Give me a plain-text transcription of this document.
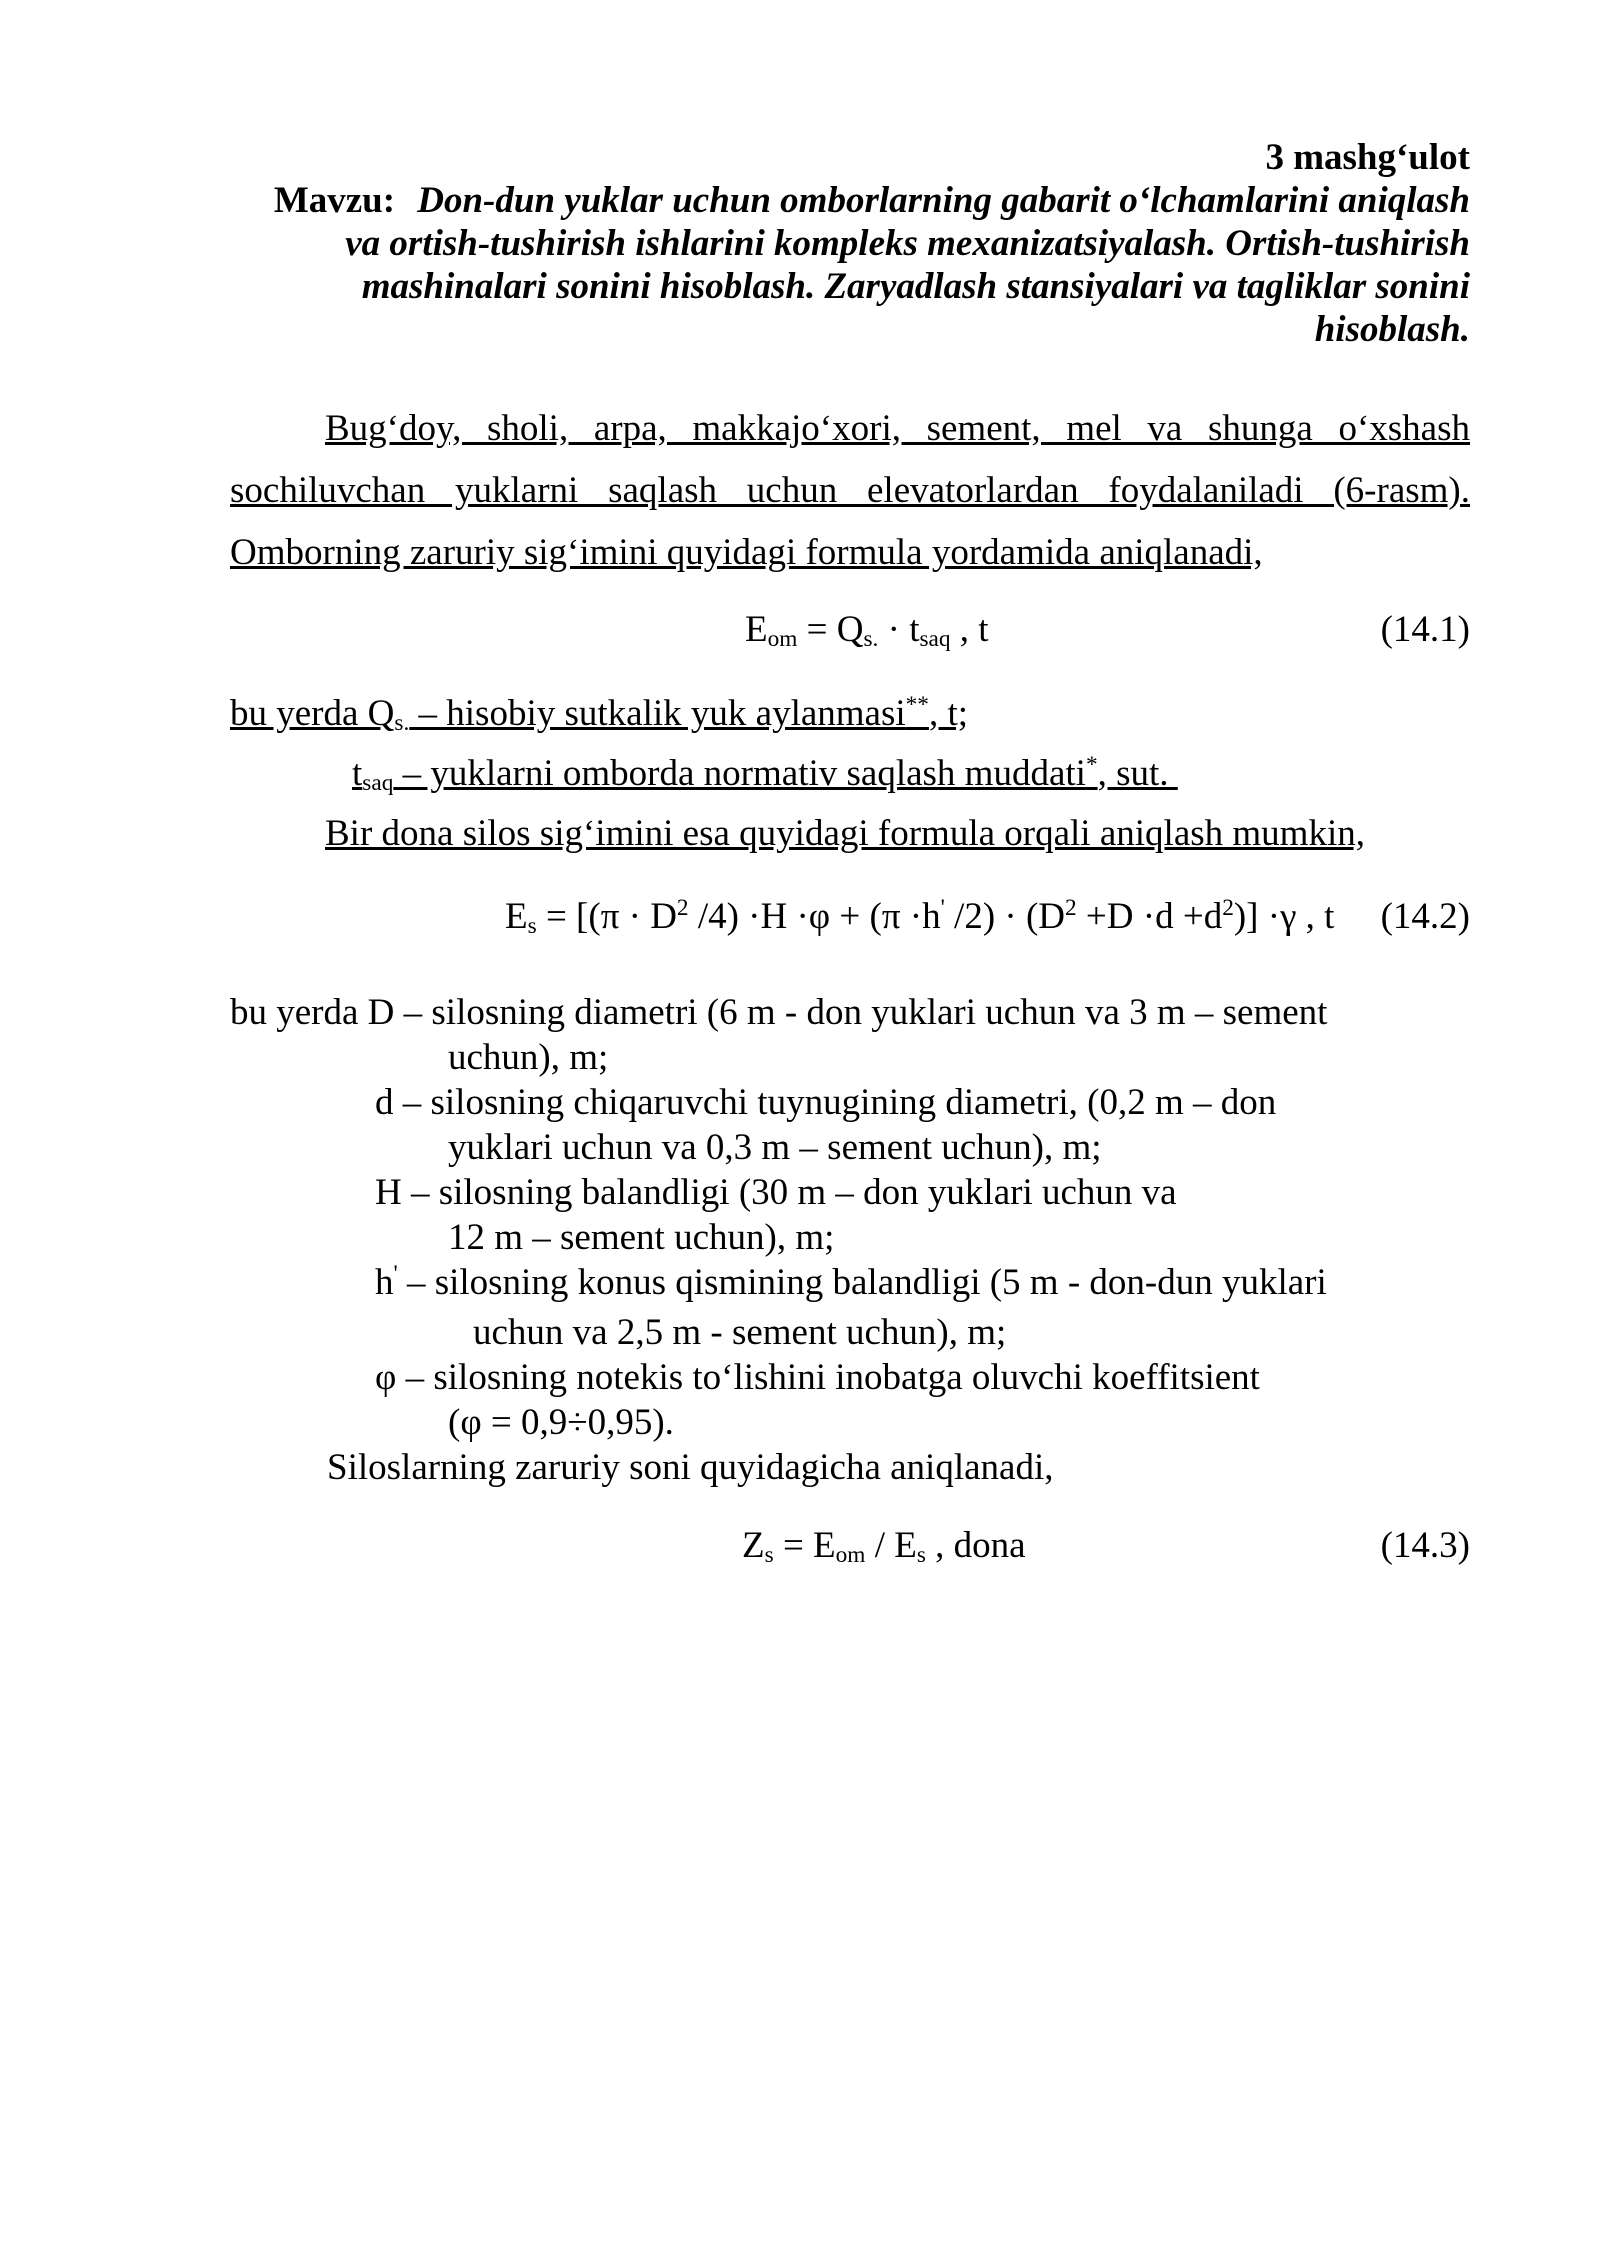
3 mashg‘ulot
Mavzu: Don-dun yuklar uchun omborlarning gabarit o‘lchamlarini aniqlash
va ortish-tushirish ishlarini kompleks mexanizatsiyalash. Ortish-tushirish
mashinalari sonini hisoblash. Zaryadlash stansiyalari va tagliklar sonini
hisoblash.
Bug‘doy, sholi, arpa, makkajo‘xori, sement, mel va shunga o‘xshash
sochiluvchan yuklarni saqlash uchun elevatorlardan foydalaniladi (6-rasm).
Omborning zaruriy sig‘imini quyidagi formula yordamida aniqlanadi,
Eom = Qs. · tsaq , t	(14.1)
bu yerda Qs. – hisobiy sutkalik yuk aylanmasi**, t;
tsaq – yuklarni omborda normativ saqlash muddati*, sut.
Bir dona silos sig‘imini esa quyidagi formula orqali aniqlash mumkin,
$Es = [(\pi \cdot D^2$ /4) ·H ·φ + (π ·h' $/2) \cdot (D^2 +D \cdot d +d^2)] \cdot\gamma$ , t (14.2)
bu yerda D – silosning diametri (6 m - don yuklari uchun va 3 m – sement
uchun), m;
d – silosning chiqaruvchi tuynugining diametri, (0,2 m – don
yuklari uchun va 0,3 m – sement uchun), m;
H – silosning balandligi (30 m – don yuklari uchun va
12 m – sement uchun), m;
h' – silosning konus qismining balandligi (5 m - don-dun yuklari
uchun va 2,5 m - sement uchun), m;
φ – silosning notekis to‘lishini inobatga oluvchi koeffitsient
(φ = 0,9÷0,95).
Siloslarning zaruriy soni quyidagicha aniqlanadi,
Zs = Eom / Es , dona	(14.3)
